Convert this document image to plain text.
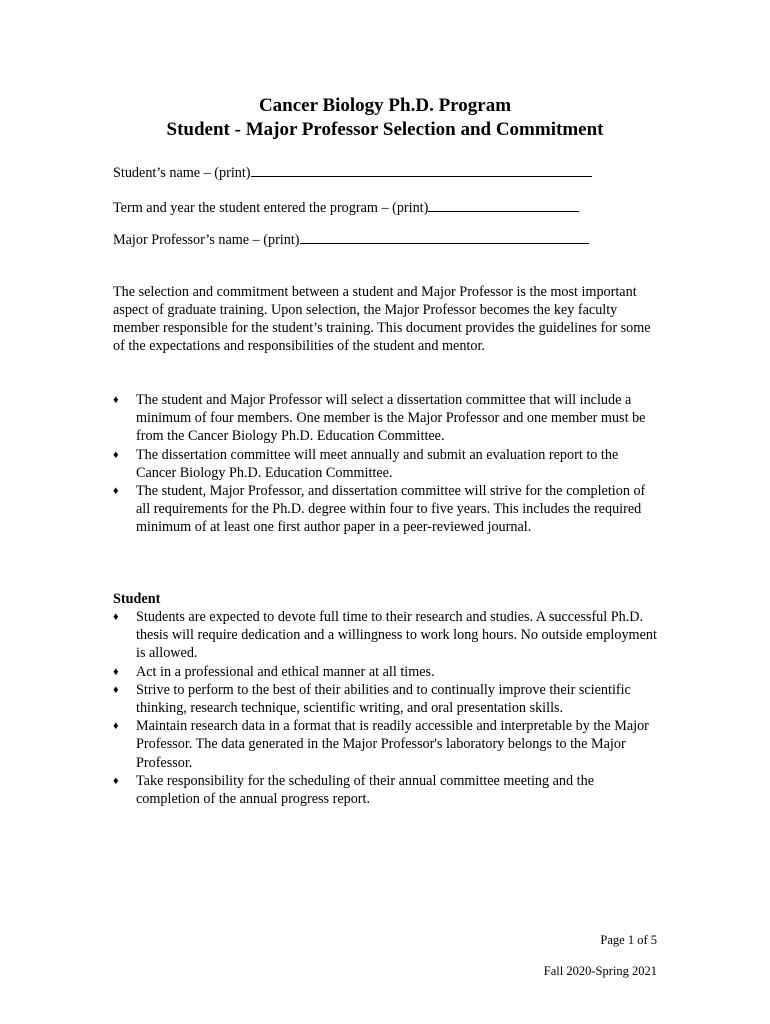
Cancer Biology Ph.D. Program
Student - Major Professor Selection and Commitment
Student’s name – (print)
Term and year the student entered the program – (print)
Major Professor’s name – (print)
The selection and commitment between a student and Major Professor is the most important aspect of graduate training. Upon selection, the Major Professor becomes the key faculty member responsible for the student’s training. This document provides the guidelines for some of the expectations and responsibilities of the student and mentor.
♦ The student and Major Professor will select a dissertation committee that will include a minimum of four members. One member is the Major Professor and one member must be from the Cancer Biology Ph.D. Education Committee.
♦ The dissertation committee will meet annually and submit an evaluation report to the Cancer Biology Ph.D. Education Committee.
♦ The student, Major Professor, and dissertation committee will strive for the completion of all requirements for the Ph.D. degree within four to five years. This includes the required minimum of at least one first author paper in a peer-reviewed journal.
Student
♦ Students are expected to devote full time to their research and studies. A successful Ph.D. thesis will require dedication and a willingness to work long hours. No outside employment is allowed.
♦ Act in a professional and ethical manner at all times.
♦ Strive to perform to the best of their abilities and to continually improve their scientific thinking, research technique, scientific writing, and oral presentation skills.
♦ Maintain research data in a format that is readily accessible and interpretable by the Major Professor. The data generated in the Major Professor's laboratory belongs to the Major Professor.
♦ Take responsibility for the scheduling of their annual committee meeting and the completion of the annual progress report.
Page 1 of 5
Fall 2020-Spring 2021
